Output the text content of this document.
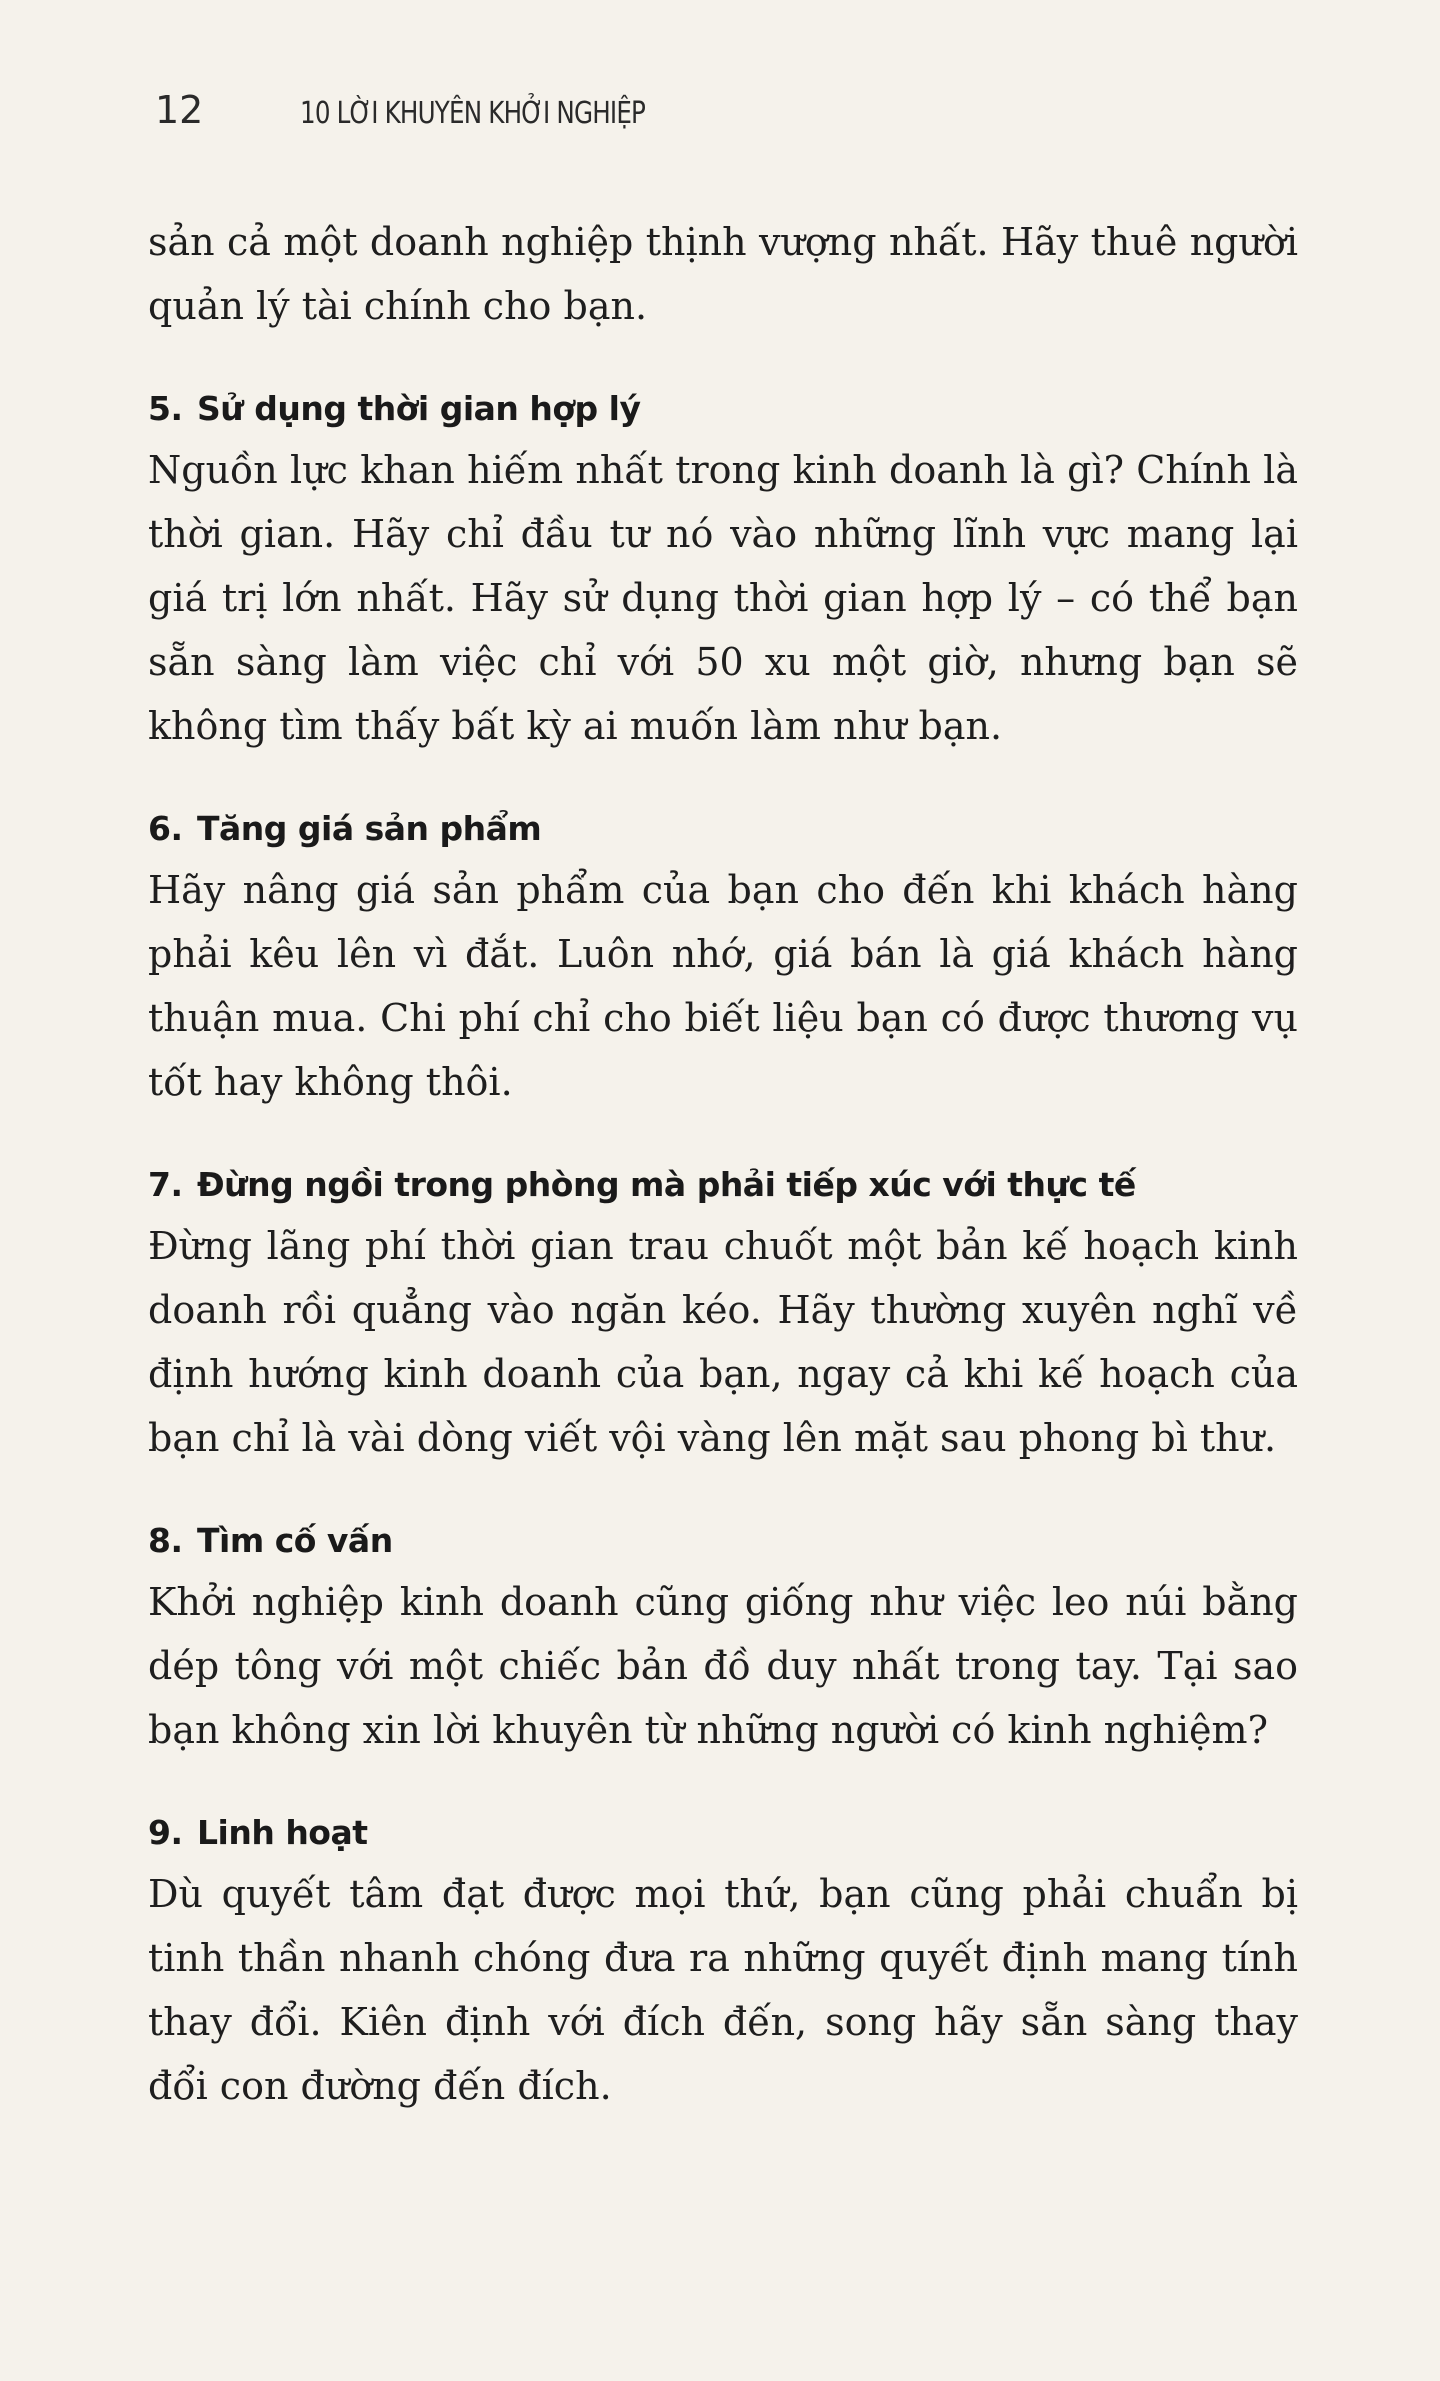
12	10 LỜI KHUYÊN KHỞI NGHIỆP

sản cả một doanh nghiệp thịnh vượng nhất. Hãy thuê người quản lý tài chính cho bạn.

5. Sử dụng thời gian hợp lý

Nguồn lực khan hiếm nhất trong kinh doanh là gì? Chính là thời gian. Hãy chỉ đầu tư nó vào những lĩnh vực mang lại giá trị lớn nhất. Hãy sử dụng thời gian hợp lý – có thể bạn sẵn sàng làm việc chỉ với 50 xu một giờ, nhưng bạn sẽ không tìm thấy bất kỳ ai muốn làm như bạn.

6. Tăng giá sản phẩm

Hãy nâng giá sản phẩm của bạn cho đến khi khách hàng phải kêu lên vì đắt. Luôn nhớ, giá bán là giá khách hàng thuận mua. Chi phí chỉ cho biết liệu bạn có được thương vụ tốt hay không thôi.

7. Đừng ngồi trong phòng mà phải tiếp xúc với thực tế

Đừng lãng phí thời gian trau chuốt một bản kế hoạch kinh doanh rồi quẳng vào ngăn kéo. Hãy thường xuyên nghĩ về định hướng kinh doanh của bạn, ngay cả khi kế hoạch của bạn chỉ là vài dòng viết vội vàng lên mặt sau phong bì thư.

8. Tìm cố vấn

Khởi nghiệp kinh doanh cũng giống như việc leo núi bằng dép tông với một chiếc bản đồ duy nhất trong tay. Tại sao bạn không xin lời khuyên từ những người có kinh nghiệm?

9. Linh hoạt

Dù quyết tâm đạt được mọi thứ, bạn cũng phải chuẩn bị tinh thần nhanh chóng đưa ra những quyết định mang tính thay đổi. Kiên định với đích đến, song hãy sẵn sàng thay đổi con đường đến đích.
